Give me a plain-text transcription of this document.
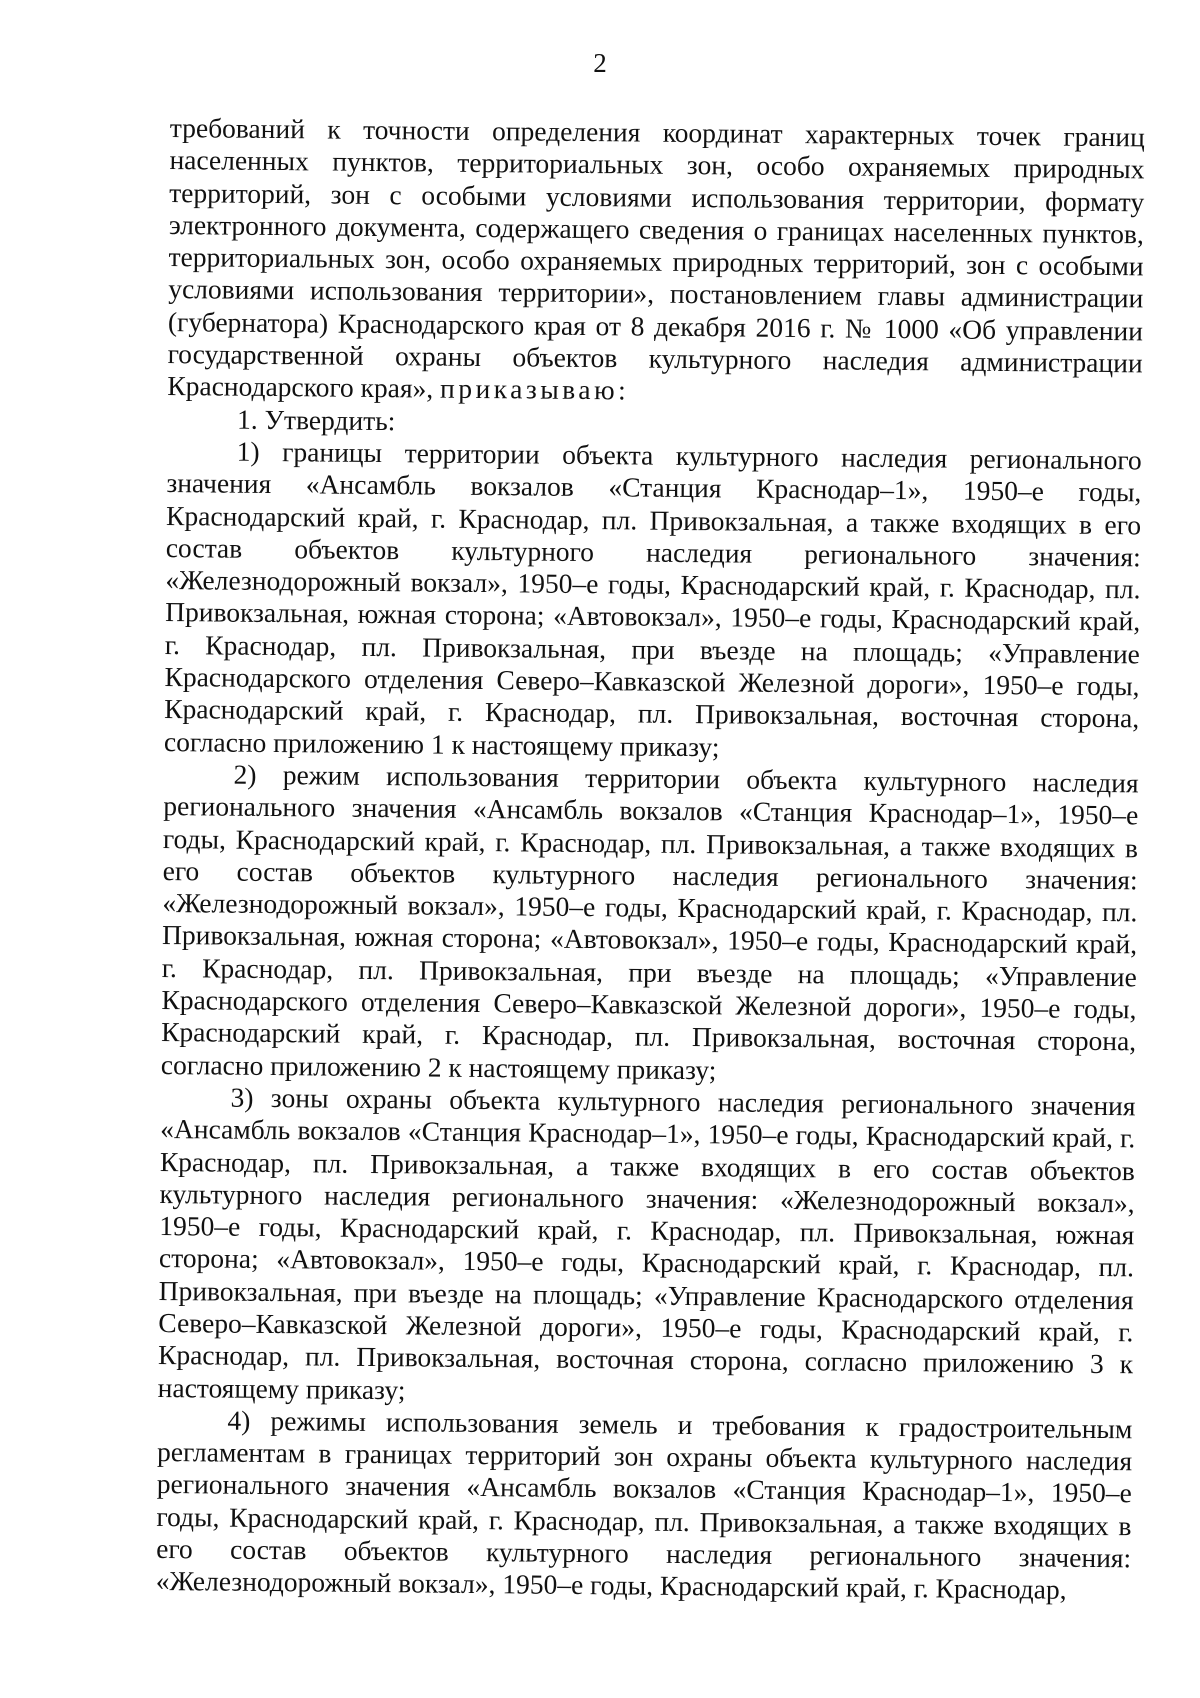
2

требований к точности определения координат характерных точек границ населенных пунктов, территориальных зон, особо охраняемых природных территорий, зон с особыми условиями использования территории, формату электронного документа, содержащего сведения о границах населенных пунктов, территориальных зон, особо охраняемых природных территорий, зон с особыми условиями использования территории», постановлением главы администрации (губернатора) Краснодарского края от 8 декабря 2016 г. № 1000 «Об управлении государственной охраны объектов культурного наследия администрации Краснодарского края», приказываю:

1. Утвердить:

1) границы территории объекта культурного наследия регионального значения «Ансамбль вокзалов «Станция Краснодар–1», 1950–е годы, Краснодарский край, г. Краснодар, пл. Привокзальная, а также входящих в его состав объектов культурного наследия регионального значения: «Железнодорожный вокзал», 1950–е годы, Краснодарский край, г. Краснодар, пл. Привокзальная, южная сторона; «Автовокзал», 1950–е годы, Краснодарский край, г. Краснодар, пл. Привокзальная, при въезде на площадь; «Управление Краснодарского отделения Северо–Кавказской Железной дороги», 1950–е годы, Краснодарский край, г. Краснодар, пл. Привокзальная, восточная сторона, согласно приложению 1 к настоящему приказу;

2) режим использования территории объекта культурного наследия регионального значения «Ансамбль вокзалов «Станция Краснодар–1», 1950–е годы, Краснодарский край, г. Краснодар, пл. Привокзальная, а также входящих в его состав объектов культурного наследия регионального значения: «Железнодорожный вокзал», 1950–е годы, Краснодарский край, г. Краснодар, пл. Привокзальная, южная сторона; «Автовокзал», 1950–е годы, Краснодарский край, г. Краснодар, пл. Привокзальная, при въезде на площадь; «Управление Краснодарского отделения Северо–Кавказской Железной дороги», 1950–е годы, Краснодарский край, г. Краснодар, пл. Привокзальная, восточная сторона, согласно приложению 2 к настоящему приказу;

3) зоны охраны объекта культурного наследия регионального значения «Ансамбль вокзалов «Станция Краснодар–1», 1950–е годы, Краснодарский край, г. Краснодар, пл. Привокзальная, а также входящих в его состав объектов культурного наследия регионального значения: «Железнодорожный вокзал», 1950–е годы, Краснодарский край, г. Краснодар, пл. Привокзальная, южная сторона; «Автовокзал», 1950–е годы, Краснодарский край, г. Краснодар, пл. Привокзальная, при въезде на площадь; «Управление Краснодарского отделения Северо–Кавказской Железной дороги», 1950–е годы, Краснодарский край, г. Краснодар, пл. Привокзальная, восточная сторона, согласно приложению 3 к настоящему приказу;

4) режимы использования земель и требования к градостроительным регламентам в границах территорий зон охраны объекта культурного наследия регионального значения «Ансамбль вокзалов «Станция Краснодар–1», 1950–е годы, Краснодарский край, г. Краснодар, пл. Привокзальная, а также входящих в его состав объектов культурного наследия регионального значения: «Железнодорожный вокзал», 1950–е годы, Краснодарский край, г. Краснодар,
